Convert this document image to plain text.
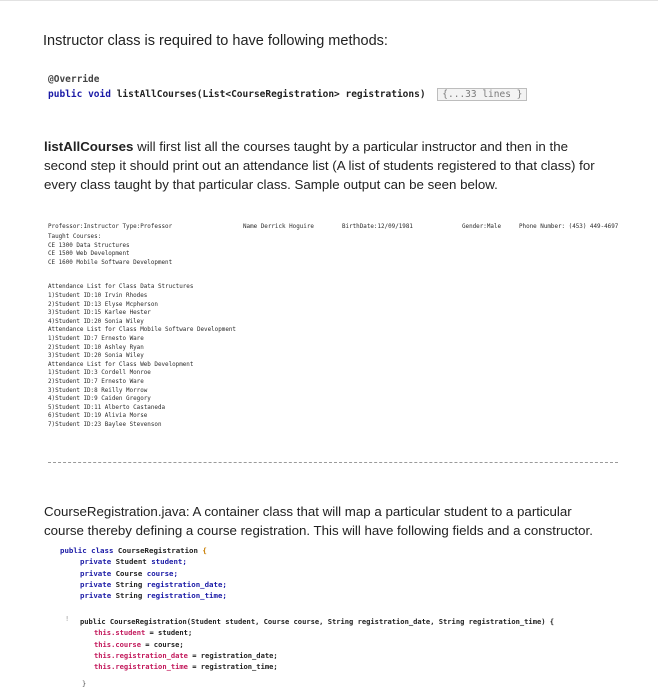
Instructor class is required to have following methods:
@Override
public void listAllCourses(List<CourseRegistration> registrations) {...33 lines }
listAllCourses will first list all the courses taught by a particular instructor and then in the second step it should print out an attendance list (A list of students registered to that class) for every class taught by that particular class. Sample output can be seen below.
Professor:Instructor Type:Professor	Name Derrick Hoguire	BirthDate:12/09/1981	Gender:Male	Phone Number: (453) 449-4697
Taught Courses:
CE 1300 Data Structures
CE 1500 Web Development
CE 1600 Mobile Software Development
Attendance List for Class Data Structures
1)Student ID:10 Irvin Rhodes
2)Student ID:13 Elyse Mcpherson
3)Student ID:15 Karlee Hester
4)Student ID:20 Sonia Wiley
Attendance List for Class Mobile Software Development
1)Student ID:7 Ernesto Ware
2)Student ID:10 Ashley Ryan
3)Student ID:20 Sonia Wiley
Attendance List for Class Web Development
1)Student ID:3 Cordell Monroe
2)Student ID:7 Ernesto Ware
3)Student ID:8 Reilly Morrow
4)Student ID:9 Caiden Gregory
5)Student ID:11 Alberto Castaneda
6)Student ID:19 Alivia Morse
7)Student ID:23 Baylee Stevenson
CourseRegistration.java: A container class that will map a particular student to a particular course thereby defining a course registration. This will have following fields and a constructor.
public class CourseRegistration {
private Student student;
private Course course;
private String registration_date;
private String registration_time;
! public CourseRegistration(Student student, Course course, String registration_date, String registration_time) {
this.student = student;
this.course = course;
this.registration_date = registration_date;
this.registration_time = registration_time;
}
